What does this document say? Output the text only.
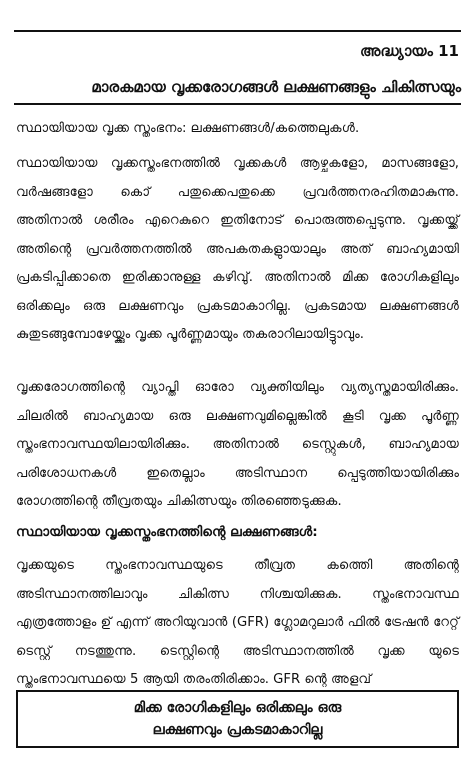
അദ്ധ്യായം 11
മാരകമായ വൃക്കരോഗങ്ങൾ ലക്ഷണങ്ങളും ചികിത്സയും

സ്ഥായിയായ വൃക്ക സ്തംഭനം: ലക്ഷണങ്ങൾ/കത്തെലുകൾ.

സ്ഥായിയായ വൃക്കസ്തംഭനത്തിൽ വൃക്കകൾ ആഴ്ചകളോ, മാസങ്ങളോ, വർഷങ്ങളോ കൊ് പതുക്കെപതുക്കെ പ്രവർത്തനരഹിതമാകുന്നു. അതിനാൽ ശരീരം എറെകുറെ ഇതിനോട് പൊരുത്തപ്പെടുന്നു. വൃക്കയ്ക്ക് അതിന്റെ പ്രവർത്തനത്തിൽ അപകതകളുായാലും അത് ബാഹ്യമായി പ്രകടിപ്പിക്കാതെ ഇരിക്കാനുള്ള കഴിവു്. അതിനാൽ മിക്ക രോഗികളിലും ഒരിക്കലും ഒരു ലക്ഷണവും പ്രകടമാകാറില്ല. പ്രകടമായ ലക്ഷണങ്ങൾ കുതുടങ്ങുമ്പോഴേയ്ക്കും വൃക്ക പൂർണ്ണമായും തകരാറിലായിട്ടുാവും.

വൃക്കരോഗത്തിന്റെ വ്യാപ്തി ഓരോ വ്യക്തിയിലും വ്യത്യസ്തമായിരിക്കും. ചിലരിൽ ബാഹ്യമായ ഒരു ലക്ഷണവുമില്ലെങ്കിൽ കൂടി വൃക്ക പൂർണ്ണ സ്തംഭനാവസ്ഥയിലായിരിക്കും. അതിനാൽ ടെസ്റ്റുകൾ, ബാഹ്യമായ പരിശോധനകൾ ഇതെല്ലാം അടിസ്ഥാന പ്പെടുത്തിയായിരിക്കും രോഗത്തിന്റെ തീവ്രതയും ചികിത്സയും തിരഞ്ഞെടുക്കുക.

സ്ഥായിയായ വൃക്കസ്തംഭനത്തിന്റെ ലക്ഷണങ്ങൾ:

വൃക്കയുടെ സ്തംഭനാവസ്ഥയുടെ തീവ്രത കത്തെി അതിന്റെ അടിസ്ഥാനത്തിലാവും ചികിത്സ നിശ്ചയിക്കുക. സ്തംഭനാവസ്ഥ എത്രത്തോളം ഉ് എന്ന് അറിയുവാൻ (GFR) ഗ്ലോമറുലാർ ഫിൽ ട്രേഷൻ റേറ്റ് ടെസ്റ്റ് നടത്തുന്നു. ടെസ്റ്റിന്റെ അടിസ്ഥാനത്തിൽ വൃക്ക യുടെ സ്തംഭനാവസ്ഥയെ 5 ആയി തരംതിരിക്കാം. GFR ന്റെ അളവ്

മിക്ക രോഗികളിലും ഒരിക്കലും ഒരു
ലക്ഷണവും പ്രകടമാകാറില്ല
